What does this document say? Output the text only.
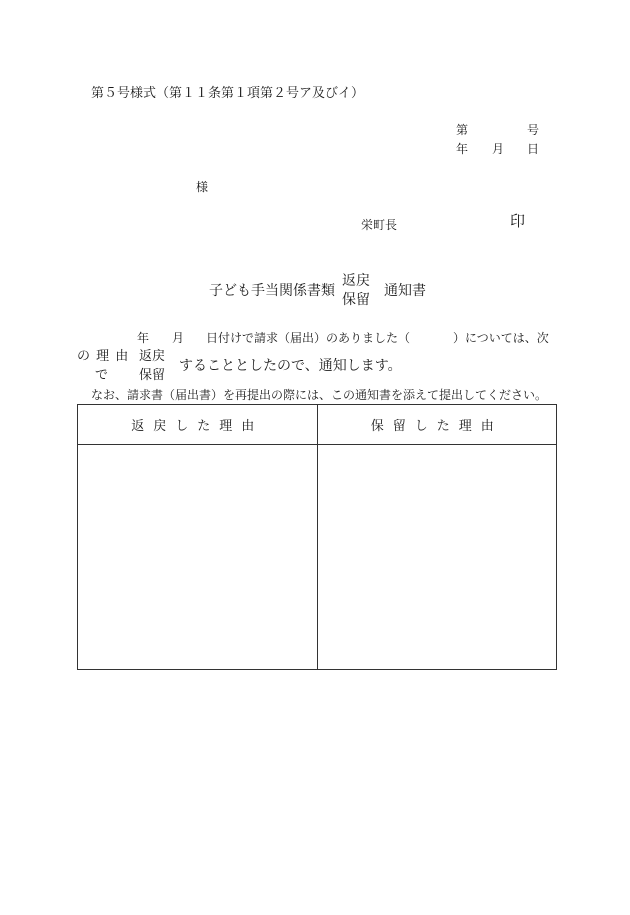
第５号様式（第１１条第１項第２号ア及びイ）
第	号
年 月 日
様
栄町長	印
子ども手当関係書類
返戻
保留
通知書
年 月 日付けで請求（届出）のありました（	）については、次
の 理 由
で
返戻
保留
することとしたので、通知します。
なお、請求書（届出書）を再提出の際には、この通知書を添えて提出してください。
返戻した理由	保留した理由
